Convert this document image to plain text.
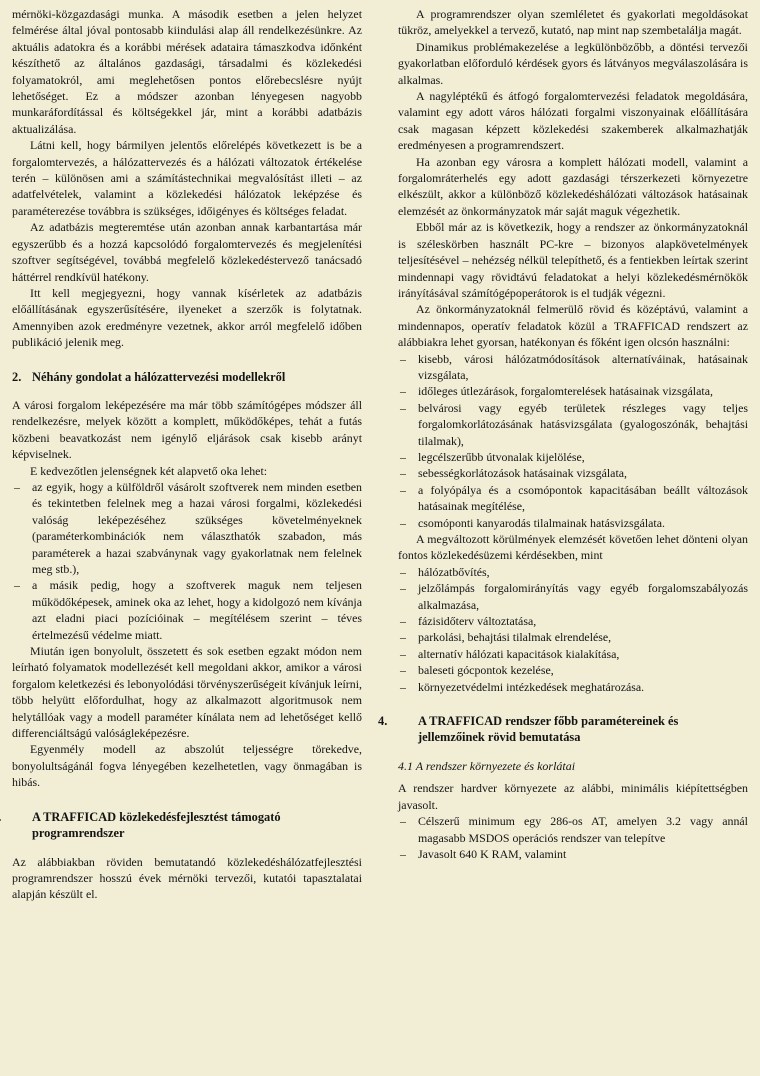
mérnöki-közgazdasági munka. A második esetben a jelen helyzet felmérése által jóval pontosabb kiindulási alap áll rendelkezésünkre. Az aktuális adatokra és a korábbi mérések adataira támaszkodva időnként készíthető az általános gazdasági, társadalmi és közlekedési folyamatokról, ami meglehetősen pontos előrebecslésre nyújt lehetőséget. Ez a módszer azonban lényegesen nagyobb munkaráfordítással és költségekkel jár, mint a korábbi adatbázis aktualizálása.

Látni kell, hogy bármilyen jelentős előrelépés következett is be a forgalomtervezés, a hálózattervezés és a hálózati változatok értékelése terén – különösen ami a számítástechnikai megvalósítást illeti – az adatfelvételek, valamint a közlekedési hálózatok leképzése és paraméterezése továbbra is szükséges, időigényes és költséges feladat.

Az adatbázis megteremtése után azonban annak karbantartása már egyszerűbb és a hozzá kapcsolódó forgalomtervezés és megjelenítési szoftver segítségével, továbbá megfelelő közlekedéstervező tanácsadó háttérrel rendkívül hatékony.

Itt kell megjegyezni, hogy vannak kísérletek az adatbázis előállításának egyszerűsítésére, ilyeneket a szerzők is folytatnak. Amennyiben azok eredményre vezetnek, akkor arról megfelelő időben publikáció jelenik meg.

2. Néhány gondolat a hálózattervezési modellekről

A városi forgalom leképezésére ma már több számítógépes módszer áll rendelkezésre, melyek között a komplett, működőképes, tehát a futás közbeni beavatkozást nem igénylő eljárások csak kisebb arányt képviselnek.

E kedvezőtlen jelenségnek két alapvető oka lehet:

– az egyik, hogy a külföldről vásárolt szoftverek nem minden esetben és tekintetben felelnek meg a hazai városi forgalmi, közlekedési valóság leképezéséhez szükséges követelményeknek (paraméterkombinációk nem választhatók szabadon, más paraméterek a hazai szabványnak vagy gyakorlatnak nem felelnek meg stb.),
– a másik pedig, hogy a szoftverek maguk nem teljesen működőképesek, aminek oka az lehet, hogy a kidolgozó nem kívánja azt eladni piaci pozícióinak – megítélésem szerint – téves értelmezésű védelme miatt.

Miután igen bonyolult, összetett és sok esetben egzakt módon nem leírható folyamatok modellezését kell megoldani akkor, amikor a városi forgalom keletkezési és lebonyolódási törvényszerűségeit kívánjuk leírni, több helyütt előfordulhat, hogy az alkalmazott algoritmusok nem helytállóak vagy a modell paraméter kínálata nem ad lehetőséget kellő differenciáltságú valóságleképezésre.

Egyenmély modell az abszolút teljességre törekedve, bonyolultságánál fogva lényegében kezelhetetlen, vagy önmagában is hibás.

A TRAFFICAD közlekedésfejlesztést támogató programrendszer

Az alábbiakban röviden bemutatandó közlekedéshálózatfejlesztési programrendszer hosszú évek mérnöki tervezői, kutatói tapasztalatai alapján készült el.

A programrendszer olyan szemléletet és gyakorlati megoldásokat tükröz, amelyekkel a tervező, kutató, nap mint nap szembetalálja magát.

Dinamikus problémakezelése a legkülönbözőbb, a döntési tervezői gyakorlatban előforduló kérdések gyors és látványos megválaszolására is alkalmas.

A nagyléptékű és átfogó forgalomtervezési feladatok megoldására, valamint egy adott város hálózati forgalmi viszonyainak előállítására csak magasan képzett közlekedési szakemberek alkalmazhatják eredményesen a programrendszert.

Ha azonban egy városra a komplett hálózati modell, valamint a forgalomráterhelés egy adott gazdasági térszerkezeti környezetre elkészült, akkor a különböző közlekedéshálózati változások hatásainak elemzését az önkormányzatok már saját maguk végezhetik.

Ebből már az is következik, hogy a rendszer az önkormányzatoknál is széleskörben használt PC-kre – bizonyos alapkövetelmények teljesítésével – nehézség nélkül telepíthető, és a fentiekben leírtak szerint mindennapi vagy rövidtávú feladatokat a helyi közlekedésmérnökök irányításával számítógépoperátorok is el tudják végezni.

Az önkormányzatoknál felmerülő rövid és középtávú, valamint a mindennapos, operatív feladatok közül a TRAFFICAD rendszert az alábbiakra lehet gyorsan, hatékonyan és főként igen olcsón használni:

– kisebb, városi hálózatmódosítások alternatíváinak, hatásainak vizsgálata,
– időleges útlezárások, forgalomterelések hatásainak vizsgálata,
– belvárosi vagy egyéb területek részleges vagy teljes forgalomkorlátozásának hatásvizsgálata (gyalogoszónák, behajtási tilalmak),
– legcélszerűbb útvonalak kijelölése,
– sebességkorlátozások hatásainak vizsgálata,
– a folyópálya és a csomópontok kapacitásában beállt változások hatásainak megítélése,
– csomóponti kanyarodás tilalmainak hatásvizsgálata.

A megváltozott körülmények elemzését követően lehet dönteni olyan fontos közlekedésüzemi kérdésekben, mint

– hálózatbővítés,
– jelzőlámpás forgalomirányítás vagy egyéb forgalomszabályozás alkalmazása,
– fázisidőterv változtatása,
– parkolási, behajtási tilalmak elrendelése,
– alternatív hálózati kapacitások kialakítása,
– baleseti gócpontok kezelése,
– környezetvédelmi intézkedések meghatározása.
4. A TRAFFICAD rendszer főbb paramétereinek és jellemzőinek rövid bemutatása
4.1 A rendszer környezete és korlátai

A rendszer hardver környezete az alábbi, minimális kiépítettségben javasolt.

– Célszerű minimum egy 286-os AT, amelyen 3.2 vagy annál magasabb MSDOS operációs rendszer van telepítve
– Javasolt 640 K RAM, valamint
